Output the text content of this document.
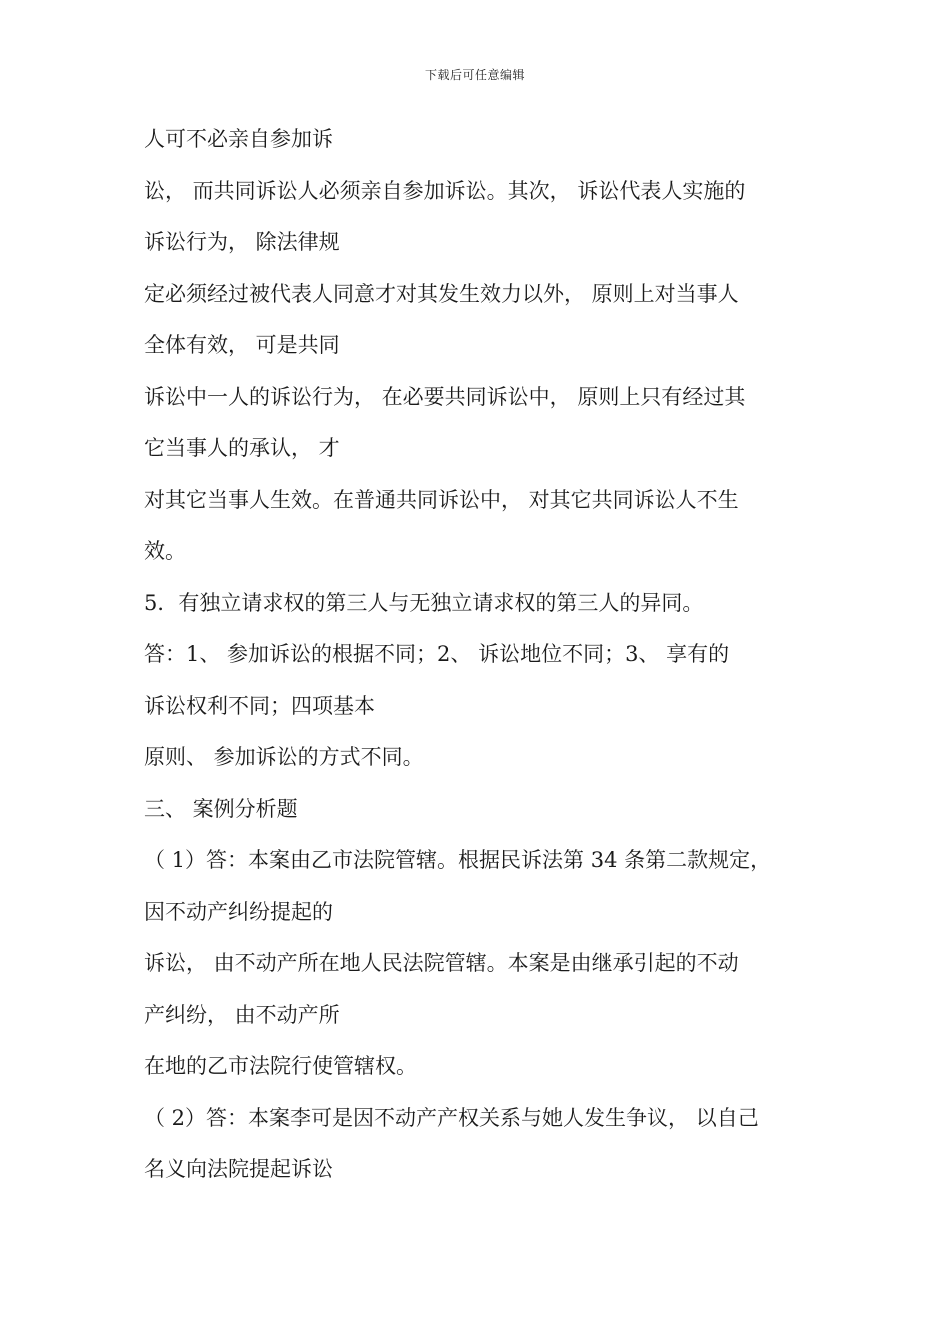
下载后可任意编辑
人可不必亲自参加诉
讼， 而共同诉讼人必须亲自参加诉讼。其次， 诉讼代表人实施的
诉讼行为， 除法律规
定必须经过被代表人同意才对其发生效力以外， 原则上对当事人
全体有效， 可是共同
诉讼中一人的诉讼行为， 在必要共同诉讼中， 原则上只有经过其
它当事人的承认， 才
对其它当事人生效。在普通共同诉讼中， 对其它共同诉讼人不生
效。
5．有独立请求权的第三人与无独立请求权的第三人的异同。
答：1、 参加诉讼的根据不同；2、 诉讼地位不同；3、 享有的
诉讼权利不同；四项基本
原则、 参加诉讼的方式不同。
三、 案例分析题
（ 1）答：本案由乙市法院管辖。根据民诉法第 34 条第二款规定，
因不动产纠纷提起的
诉讼， 由不动产所在地人民法院管辖。本案是由继承引起的不动
产纠纷， 由不动产所
在地的乙市法院行使管辖权。
（ 2）答：本案李可是因不动产产权关系与她人发生争议， 以自己
名义向法院提起诉讼
